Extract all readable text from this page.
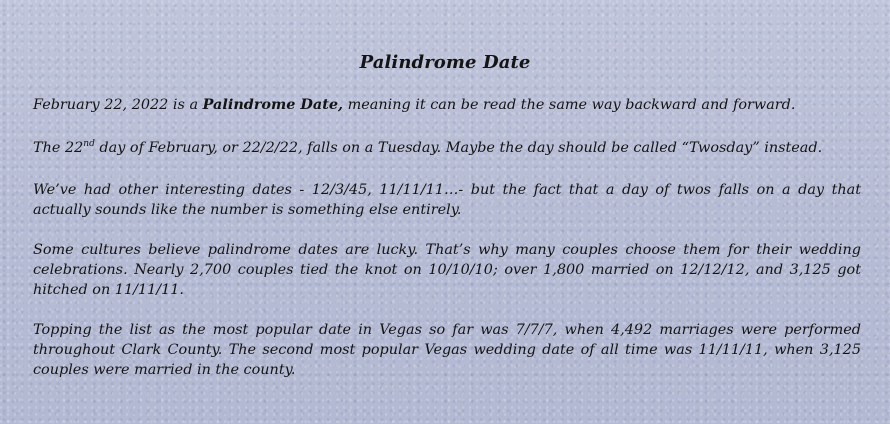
Palindrome Date

February 22, 2022 is a Palindrome Date, meaning it can be read the same way backward and forward.

The 22nd day of February, or 22/2/22, falls on a Tuesday. Maybe the day should be called “Twosday” instead.

We’ve had other interesting dates - 12/3/45, 11/11/11…- but the fact that a day of twos falls on a day that actually sounds like the number is something else entirely.

Some cultures believe palindrome dates are lucky. That’s why many couples choose them for their wedding celebrations. Nearly 2,700 couples tied the knot on 10/10/10; over 1,800 married on 12/12/12, and 3,125 got hitched on 11/11/11.

Topping the list as the most popular date in Vegas so far was 7/7/7, when 4,492 marriages were performed throughout Clark County. The second most popular Vegas wedding date of all time was 11/11/11, when 3,125 couples were married in the county.
